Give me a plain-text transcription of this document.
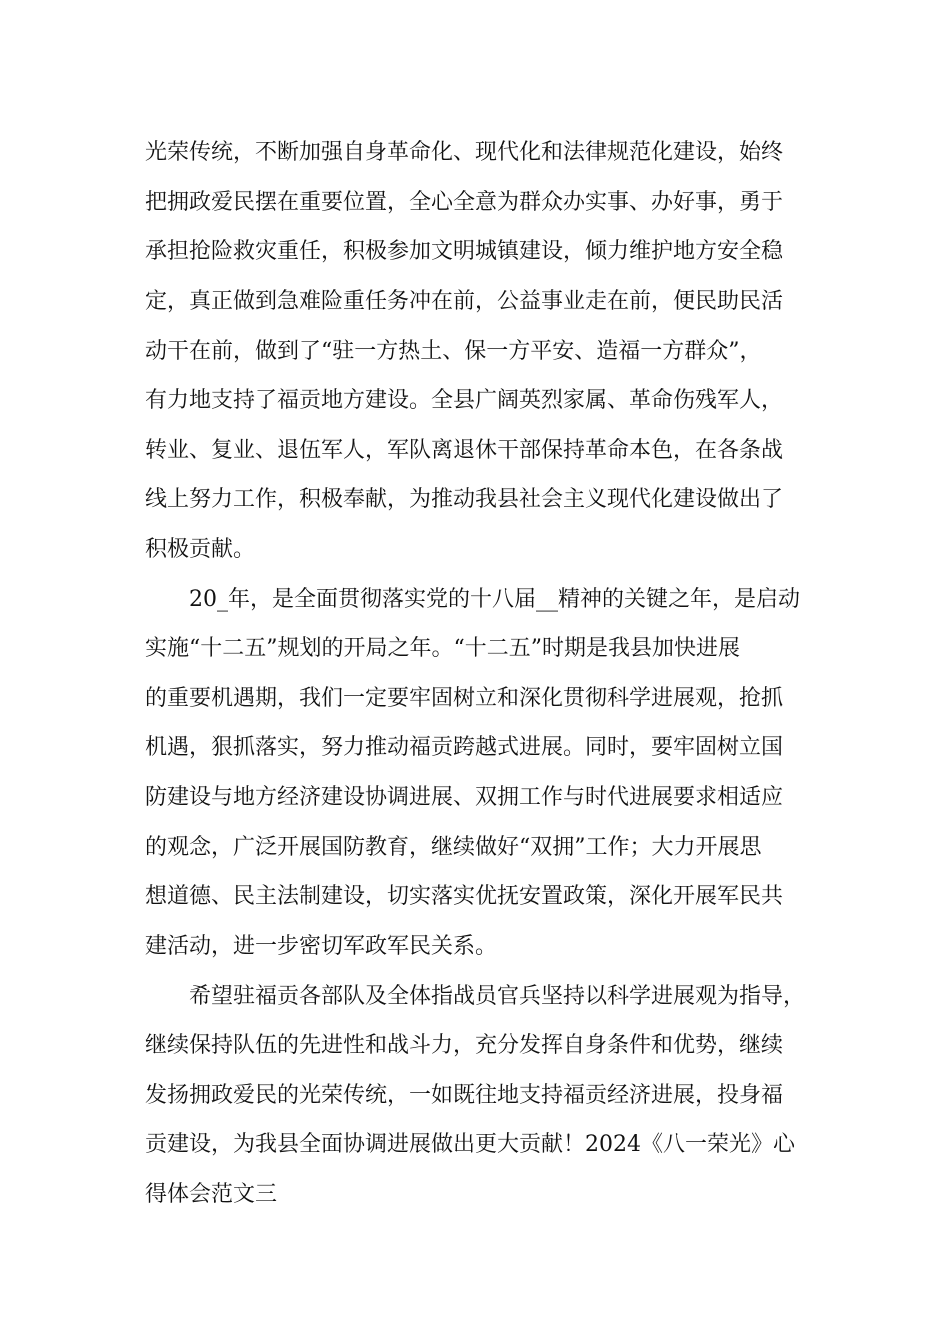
光荣传统，不断加强自身革命化、现代化和法律规范化建设，始终
把拥政爱民摆在重要位置，全心全意为群众办实事、办好事，勇于
承担抢险救灾重任，积极参加文明城镇建设，倾力维护地方安全稳
定，真正做到急难险重任务冲在前，公益事业走在前，便民助民活
动干在前，做到了“驻一方热土、保一方平安、造福一方群众”，
有力地支持了福贡地方建设。全县广阔英烈家属、革命伤残军人，
转业、复业、退伍军人，军队离退休干部保持革命本色，在各条战
线上努力工作，积极奉献，为推动我县社会主义现代化建设做出了
积极贡献。
20_年，是全面贯彻落实党的十八届__精神的关键之年，是启动
实施“十二五”规划的开局之年。“十二五”时期是我县加快进展
的重要机遇期，我们一定要牢固树立和深化贯彻科学进展观，抢抓
机遇，狠抓落实，努力推动福贡跨越式进展。同时，要牢固树立国
防建设与地方经济建设协调进展、双拥工作与时代进展要求相适应
的观念，广泛开展国防教育，继续做好“双拥”工作；大力开展思
想道德、民主法制建设，切实落实优抚安置政策，深化开展军民共
建活动，进一步密切军政军民关系。
希望驻福贡各部队及全体指战员官兵坚持以科学进展观为指导，
继续保持队伍的先进性和战斗力，充分发挥自身条件和优势，继续
发扬拥政爱民的光荣传统，一如既往地支持福贡经济进展，投身福
贡建设，为我县全面协调进展做出更大贡献！2024《八一荣光》心
得体会范文三
